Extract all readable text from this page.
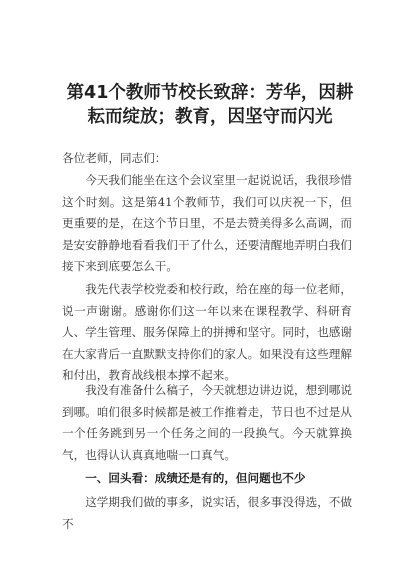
第41个教师节校长致辞：芳华，因耕耘而绽放；教育，因坚守而闪光

各位老师，同志们：

今天我们能坐在这个会议室里一起说说话，我很珍惜这个时刻。这是第41个教师节，我们可以庆祝一下，但更重要的是，在这个节日里，不是去赞美得多么高调，而是安安静静地看看我们干了什么，还要清醒地弄明白我们接下来到底要怎么干。

我先代表学校党委和校行政，给在座的每一位老师，说一声谢谢。感谢你们这一年以来在课程教学、科研育人、学生管理、服务保障上的拼搏和坚守。同时，也感谢在大家背后一直默默支持你们的家人。如果没有这些理解和付出，教育战线根本撑不起来。

我没有准备什么稿子，今天就想边讲边说，想到哪说到哪。咱们很多时候都是被工作推着走，节日也不过是从一个任务跳到另一个任务之间的一段换气。今天就算换气，也得认认真真地喘一口真气。

一、回头看：成绩还是有的，但问题也不少

这学期我们做的事多，说实话，很多事没得选，不做不
